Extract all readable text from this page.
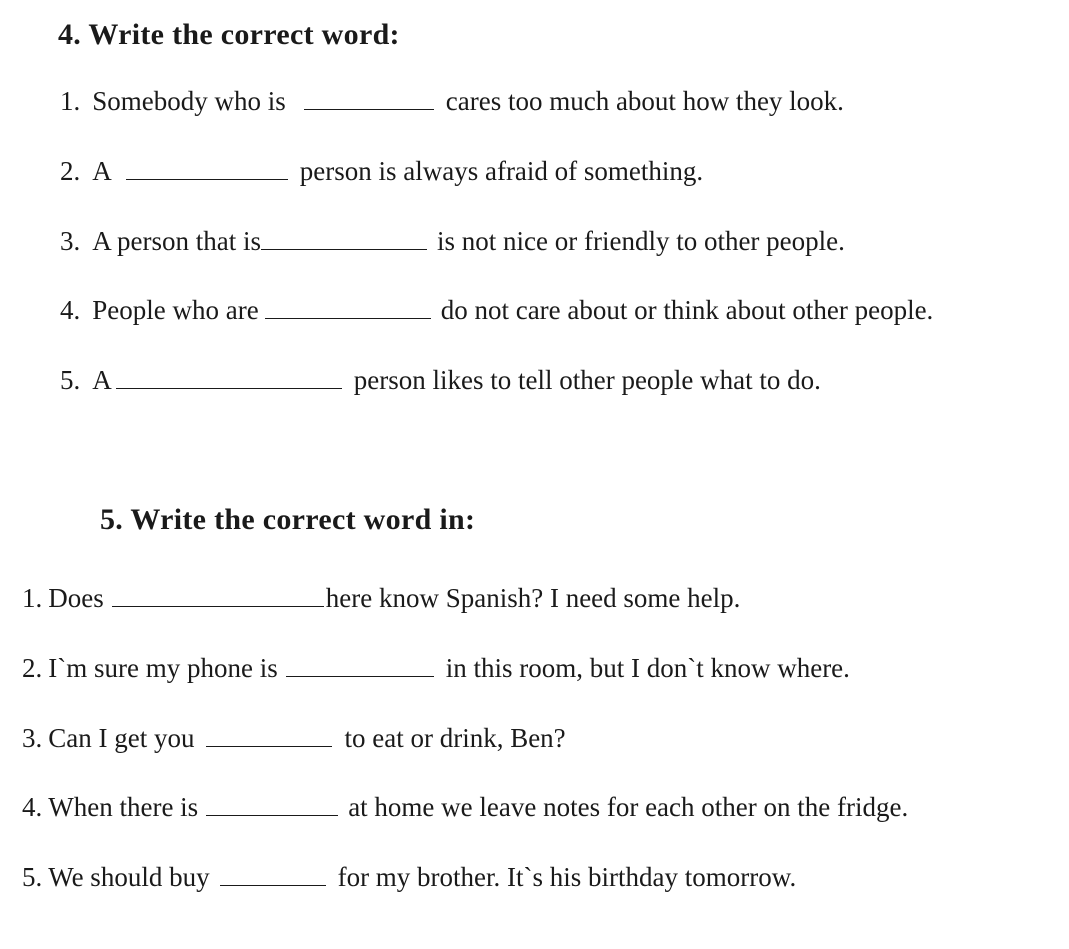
4. Write the correct word:
1. Somebody who is	cares too much about how they look.
2. A	person is always afraid of something.
3. A person that is	is not nice or friendly to other people.
4. People who are	do not care about or think about other people.
5. A	person likes to tell other people what to do.
5. Write the correct word in:
1. Does	here know Spanish? I need some help.
2. I`m sure my phone is	in this room, but I don`t know where.
3. Can I get you	to eat or drink, Ben?
4. When there is	at home we leave notes for each other on the fridge.
5. We should buy	for my brother. It`s his birthday tomorrow.
